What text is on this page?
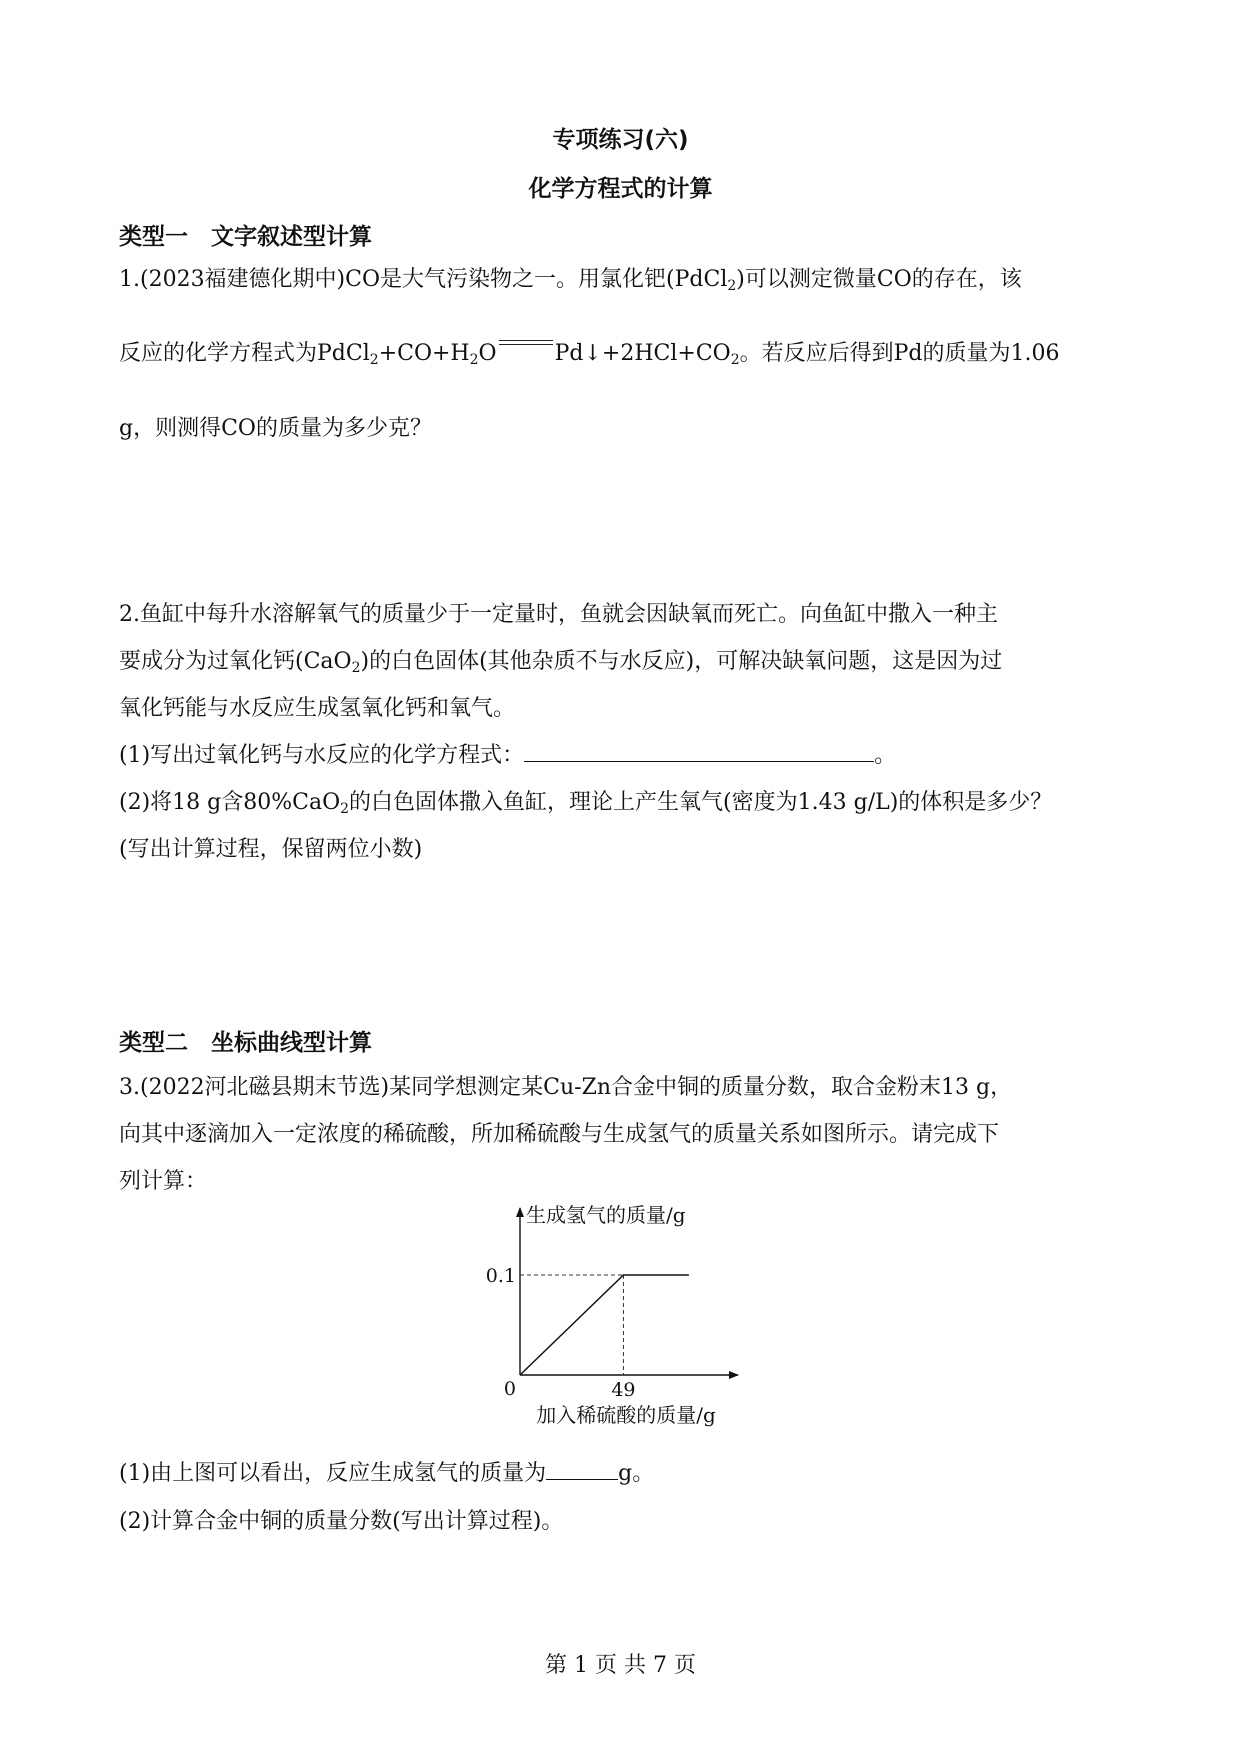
专项练习(六)
化学方程式的计算
类型一　文字叙述型计算
1.(2023福建德化期中)CO是大气污染物之一。用氯化钯(PdCl$_2$)可以测定微量CO的存在，该
反应的化学方程式为$PdCl_2+CO+H_2O$	$Pd↓+2HCl+CO_2$。若反应后得到Pd的质量为1.06
g，则测得CO的质量为多少克？
2.鱼缸中每升水溶解氧气的质量少于一定量时，鱼就会因缺氧而死亡。向鱼缸中撒入一种主
要成分为过氧化钙(CaO$_2$)的白色固体(其他杂质不与水反应)，可解决缺氧问题，这是因为过
氧化钙能与水反应生成氢氧化钙和氧气。
(1)写出过氧化钙与水反应的化学方程式：	。
(2)将18 g含80%CaO$_2$的白色固体撒入鱼缸，理论上产生氧气(密度为1.43 g/L)的体积是多少？
(写出计算过程，保留两位小数)
类型二　坐标曲线型计算
3.(2022河北磁县期末节选)某同学想测定某Cu-Zn合金中铜的质量分数，取合金粉末13 g，
向其中逐滴加入一定浓度的稀硫酸，所加稀硫酸与生成氢气的质量关系如图所示。请完成下
列计算：
生成氢气的质量/g
0.1
0	49
加入稀硫酸的质量/g
(1)由上图可以看出，反应生成氢气的质量为	g。
(2)计算合金中铜的质量分数(写出计算过程)。
第 1 页 共 7 页
